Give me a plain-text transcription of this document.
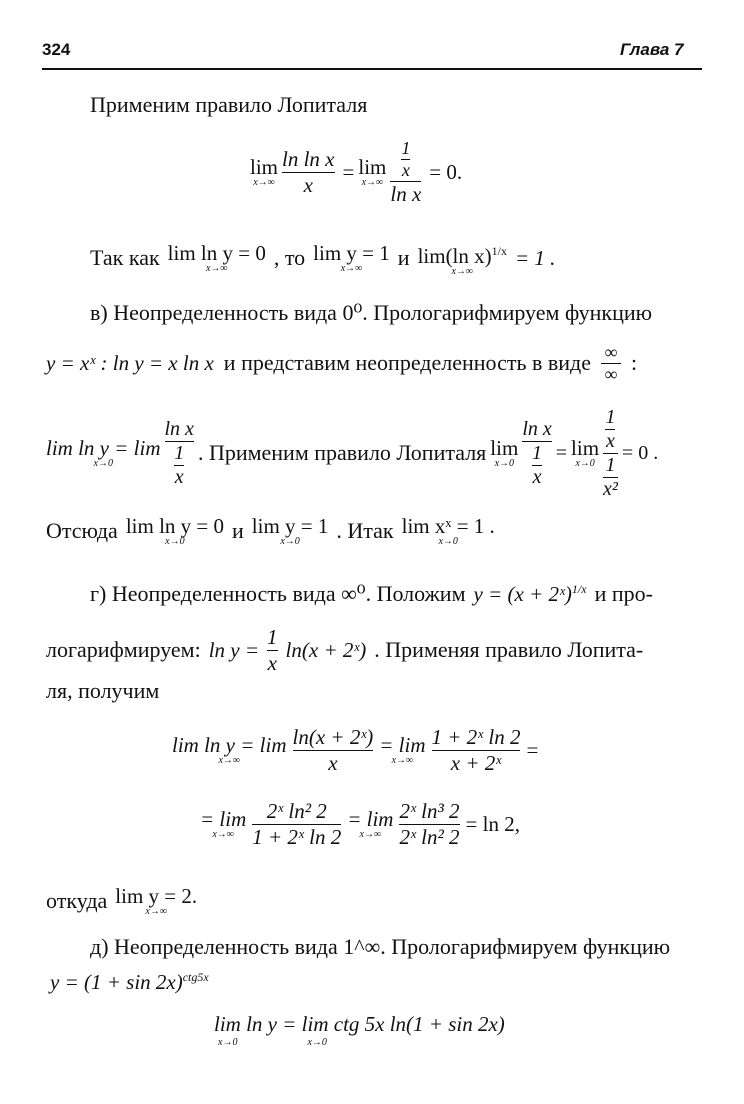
324	Глава 7
Применим правило Лопиталя
lim
$x\to\infty \frac{\text{ln ln x}}{x} = \lim$
$x\to\infty \frac{\frac{1}{x}}{\text{ln x}} = 0$.
Так как lim ln y = 0
x→∞ , то lim y = 1
x→∞ и lim(ln x)$^{1/x}$
x→∞
= 1 .
в) Неопределенность вида 0⁰. Прологарифмируем функцию
y = xˣ : ln y = x ln x и представим неопределенность в виде $\frac{\infty}{\infty}$ :
lim ln y = lim
x→0	$\frac{\text{ln x}}{\frac{1}{x}}$ . Применим правило Лопиталя lim
$x\to 0 \frac{\text{ln x}}{\frac{1}{x}} = \lim$
$x\to 0 \frac{\frac{1}{x}}{\frac{1}{\text{x²}}} = 0$ .
Отсюда lim ln y = 0
x→0 и lim y = 1
x→0 . Итак lim xˣ = 1 .
x→0
г) Неопределенность вида ∞⁰. Положим y = (x + 2ˣ)$^{1/x}$ и про-
логарифмируем: $\ln y = \frac{1}{x} \ln(x$ + 2ˣ) . Применяя правило Лопита-
ля, получим
lim ln y = lim
$x\to\infty \frac{\text{ln(x + 2ˣ)}}{x} = \lim$
$x\to\infty \frac{\text{1 + 2ˣ ln 2}}{\text{x + 2ˣ}}$ =
= lim
$x\to\infty \frac{\text{2ˣ ln² 2}}{\text{1 + 2ˣ ln 2}} = \lim$
$x\to\infty \frac{\text{2ˣ ln³ 2}}{\text{2ˣ ln² 2}} = \ln 2$,
откуда lim y = 2.
x→∞
д) Неопределенность вида 1^∞. Прологарифмируем функцию
$y = (1 + \sin 2x)^{ctg5x}$
lim ln y = lim ctg 5x ln(1 + sin 2x)
x→0	x→0
